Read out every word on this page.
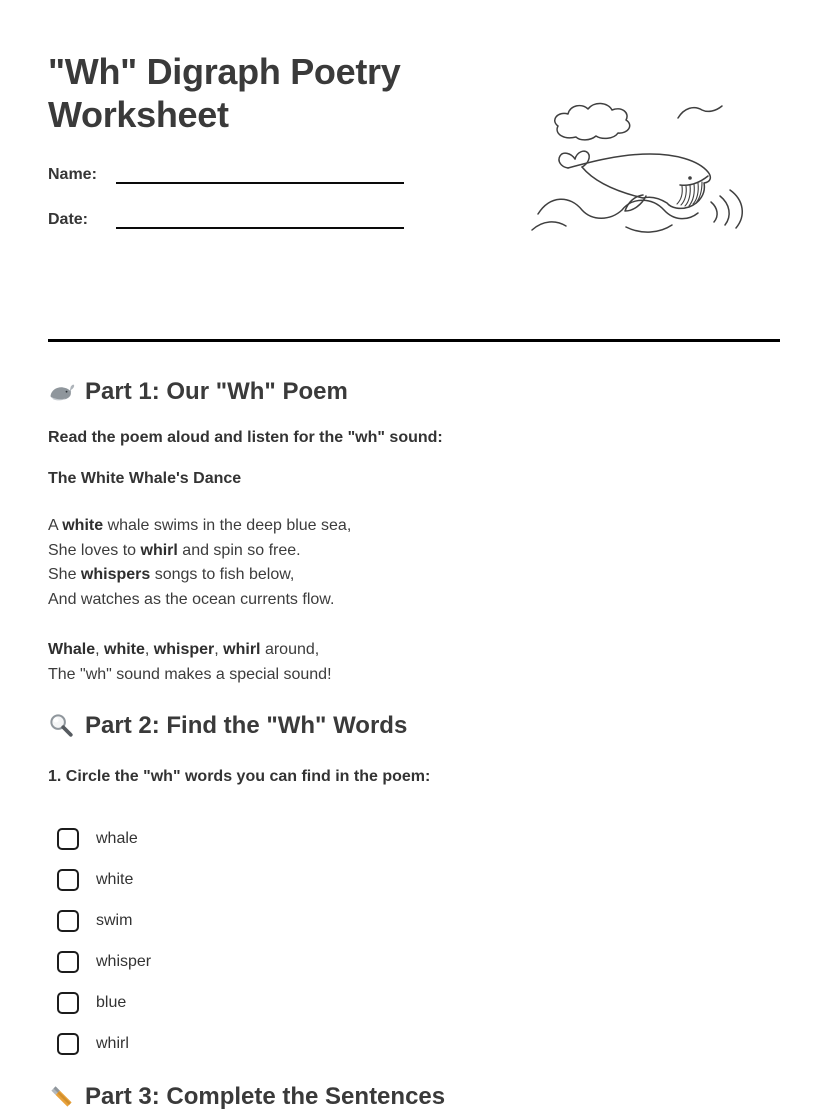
"Wh" Digraph Poetry Worksheet
Name:
Date:
Part 1: Our "Wh" Poem

Read the poem aloud and listen for the "wh" sound:

The White Whale's Dance

A white whale swims in the deep blue sea,
She loves to whirl and spin so free.
She whispers songs to fish below,
And watches as the ocean currents flow.
Whale, white, whisper, whirl around,
The "wh" sound makes a special sound!
Part 2: Find the "Wh" Words

1. Circle the "wh" words you can find in the poem:

whale
white
swim
whisper
blue
whirl
Part 3: Complete the Sentences
